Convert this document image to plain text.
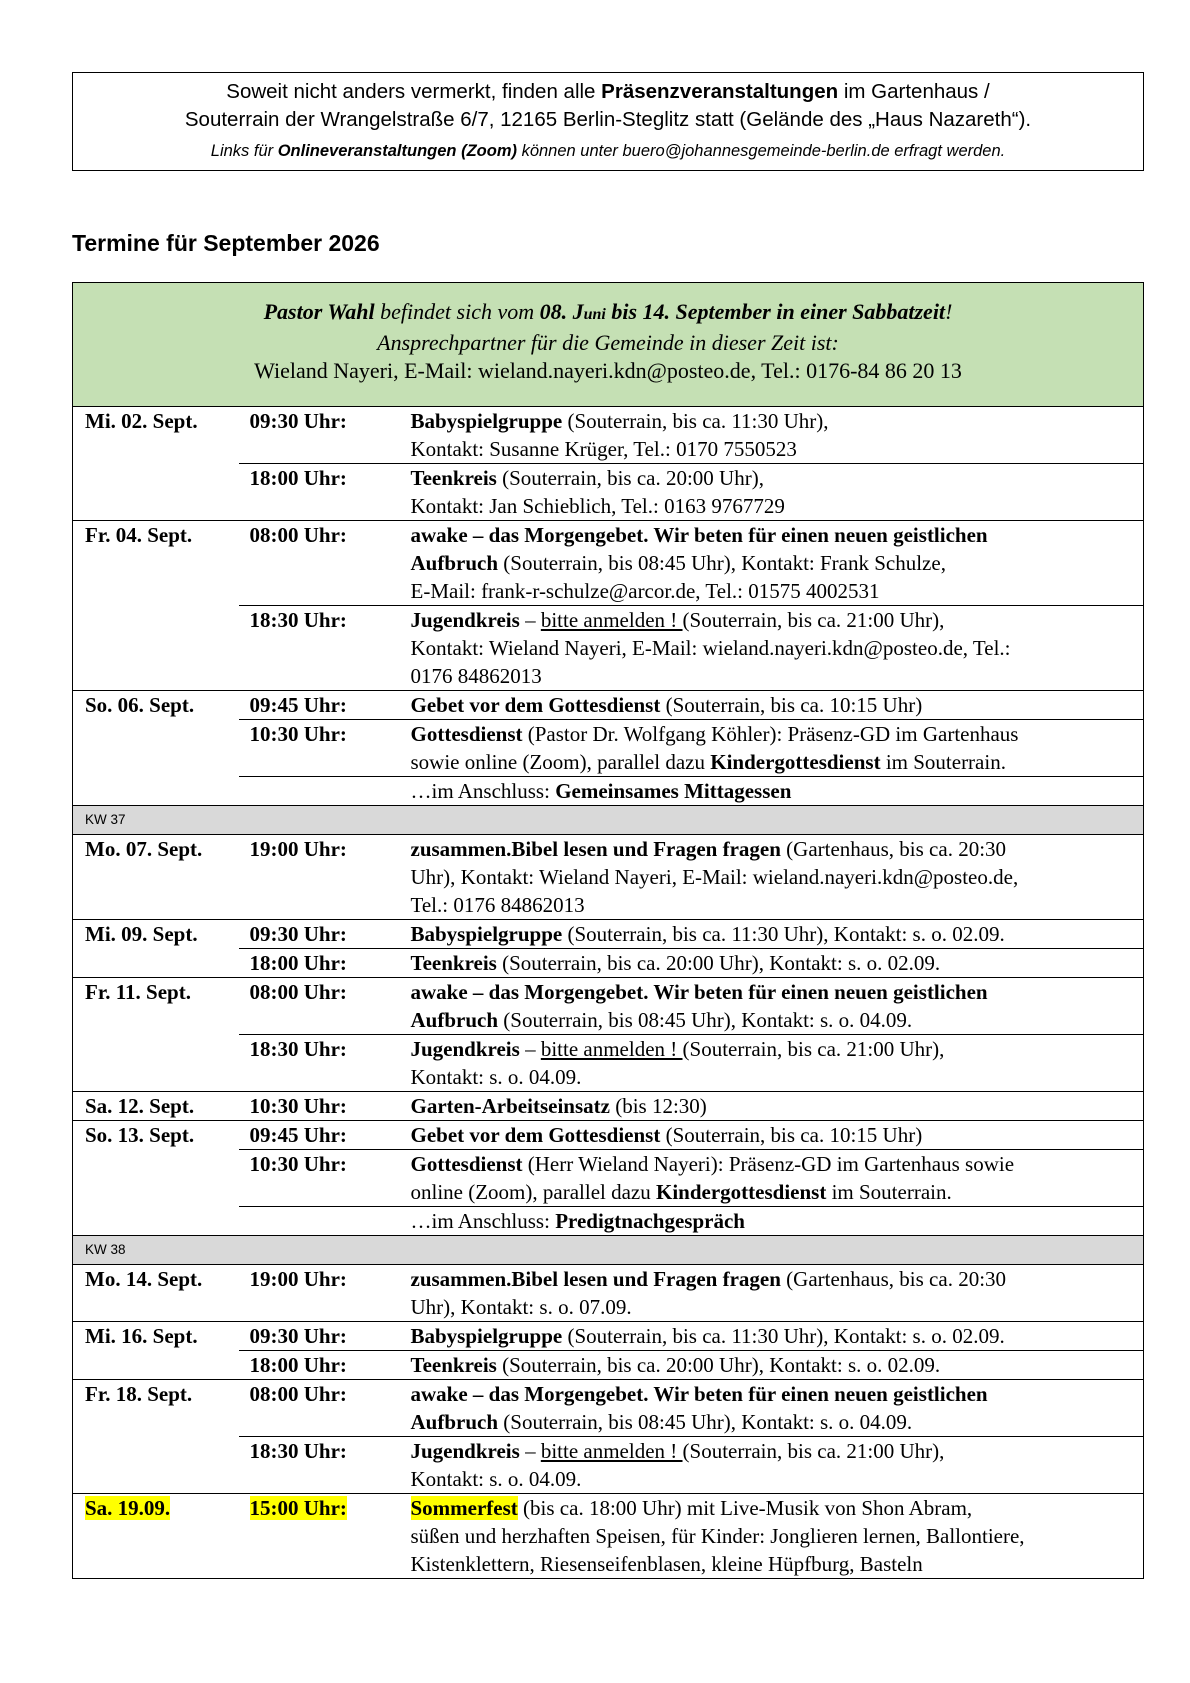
Soweit nicht anders vermerkt, finden alle Präsenzveranstaltungen im Gartenhaus /
Souterrain der Wrangelstraße 6/7, 12165 Berlin-Steglitz statt (Gelände des „Haus Nazareth“).
Links für Onlineveranstaltungen (Zoom) können unter buero@johannesgemeinde-berlin.de erfragt werden.
Termine für September 2026
Pastor Wahl befindet sich vom 08. Juni bis 14. September in einer Sabbatzeit!
Ansprechpartner für die Gemeinde in dieser Zeit ist:
Wieland Nayeri, E-Mail: wieland.nayeri.kdn@posteo.de, Tel.: 0176-84 86 20 13		
Mi. 02. Sept.	09:30 Uhr:	Babyspielgruppe (Souterrain, bis ca. 11:30 Uhr),
Kontakt: Susanne Krüger, Tel.: 0170 7550523
	18:00 Uhr:	Teenkreis (Souterrain, bis ca. 20:00 Uhr),
Kontakt: Jan Schieblich, Tel.: 0163 9767729
Fr. 04. Sept.	08:00 Uhr:	awake – das Morgengebet. Wir beten für einen neuen geistlichen
Aufbruch (Souterrain, bis 08:45 Uhr), Kontakt: Frank Schulze,
E-Mail: frank-r-schulze@arcor.de, Tel.: 01575 4002531
	18:30 Uhr:	Jugendkreis – bitte anmelden ! (Souterrain, bis ca. 21:00 Uhr),
Kontakt: Wieland Nayeri, E-Mail: wieland.nayeri.kdn@posteo.de, Tel.:
0176 84862013
So. 06. Sept.	09:45 Uhr:	Gebet vor dem Gottesdienst (Souterrain, bis ca. 10:15 Uhr)
	10:30 Uhr:	Gottesdienst (Pastor Dr. Wolfgang Köhler): Präsenz-GD im Gartenhaus
sowie online (Zoom), parallel dazu Kindergottesdienst im Souterrain.
		…im Anschluss: Gemeinsames Mittagessen
KW 37		
Mo. 07. Sept.	19:00 Uhr:	zusammen.Bibel lesen und Fragen fragen (Gartenhaus, bis ca. 20:30
Uhr), Kontakt: Wieland Nayeri, E-Mail: wieland.nayeri.kdn@posteo.de,
Tel.: 0176 84862013
Mi. 09. Sept.	09:30 Uhr:	Babyspielgruppe (Souterrain, bis ca. 11:30 Uhr), Kontakt: s. o. 02.09.
	18:00 Uhr:	Teenkreis (Souterrain, bis ca. 20:00 Uhr), Kontakt: s. o. 02.09.
Fr. 11. Sept.	08:00 Uhr:	awake – das Morgengebet. Wir beten für einen neuen geistlichen
Aufbruch (Souterrain, bis 08:45 Uhr), Kontakt: s. o. 04.09.
	18:30 Uhr:	Jugendkreis – bitte anmelden ! (Souterrain, bis ca. 21:00 Uhr),
Kontakt: s. o. 04.09.
Sa. 12. Sept.	10:30 Uhr:	Garten-Arbeitseinsatz (bis 12:30)
So. 13. Sept.	09:45 Uhr:	Gebet vor dem Gottesdienst (Souterrain, bis ca. 10:15 Uhr)
	10:30 Uhr:	Gottesdienst (Herr Wieland Nayeri): Präsenz-GD im Gartenhaus sowie
online (Zoom), parallel dazu Kindergottesdienst im Souterrain.
		…im Anschluss: Predigtnachgespräch
KW 38		
Mo. 14. Sept.	19:00 Uhr:	zusammen.Bibel lesen und Fragen fragen (Gartenhaus, bis ca. 20:30
Uhr), Kontakt: s. o. 07.09.
Mi. 16. Sept.	09:30 Uhr:	Babyspielgruppe (Souterrain, bis ca. 11:30 Uhr), Kontakt: s. o. 02.09.
	18:00 Uhr:	Teenkreis (Souterrain, bis ca. 20:00 Uhr), Kontakt: s. o. 02.09.
Fr. 18. Sept.	08:00 Uhr:	awake – das Morgengebet. Wir beten für einen neuen geistlichen
Aufbruch (Souterrain, bis 08:45 Uhr), Kontakt: s. o. 04.09.
	18:30 Uhr:	Jugendkreis – bitte anmelden ! (Souterrain, bis ca. 21:00 Uhr),
Kontakt: s. o. 04.09.
Sa. 19.09.	15:00 Uhr:	Sommerfest (bis ca. 18:00 Uhr) mit Live-Musik von Shon Abram,
süßen und herzhaften Speisen, für Kinder: Jonglieren lernen, Ballontiere,
Kistenklettern, Riesenseifenblasen, kleine Hüpfburg, Basteln
